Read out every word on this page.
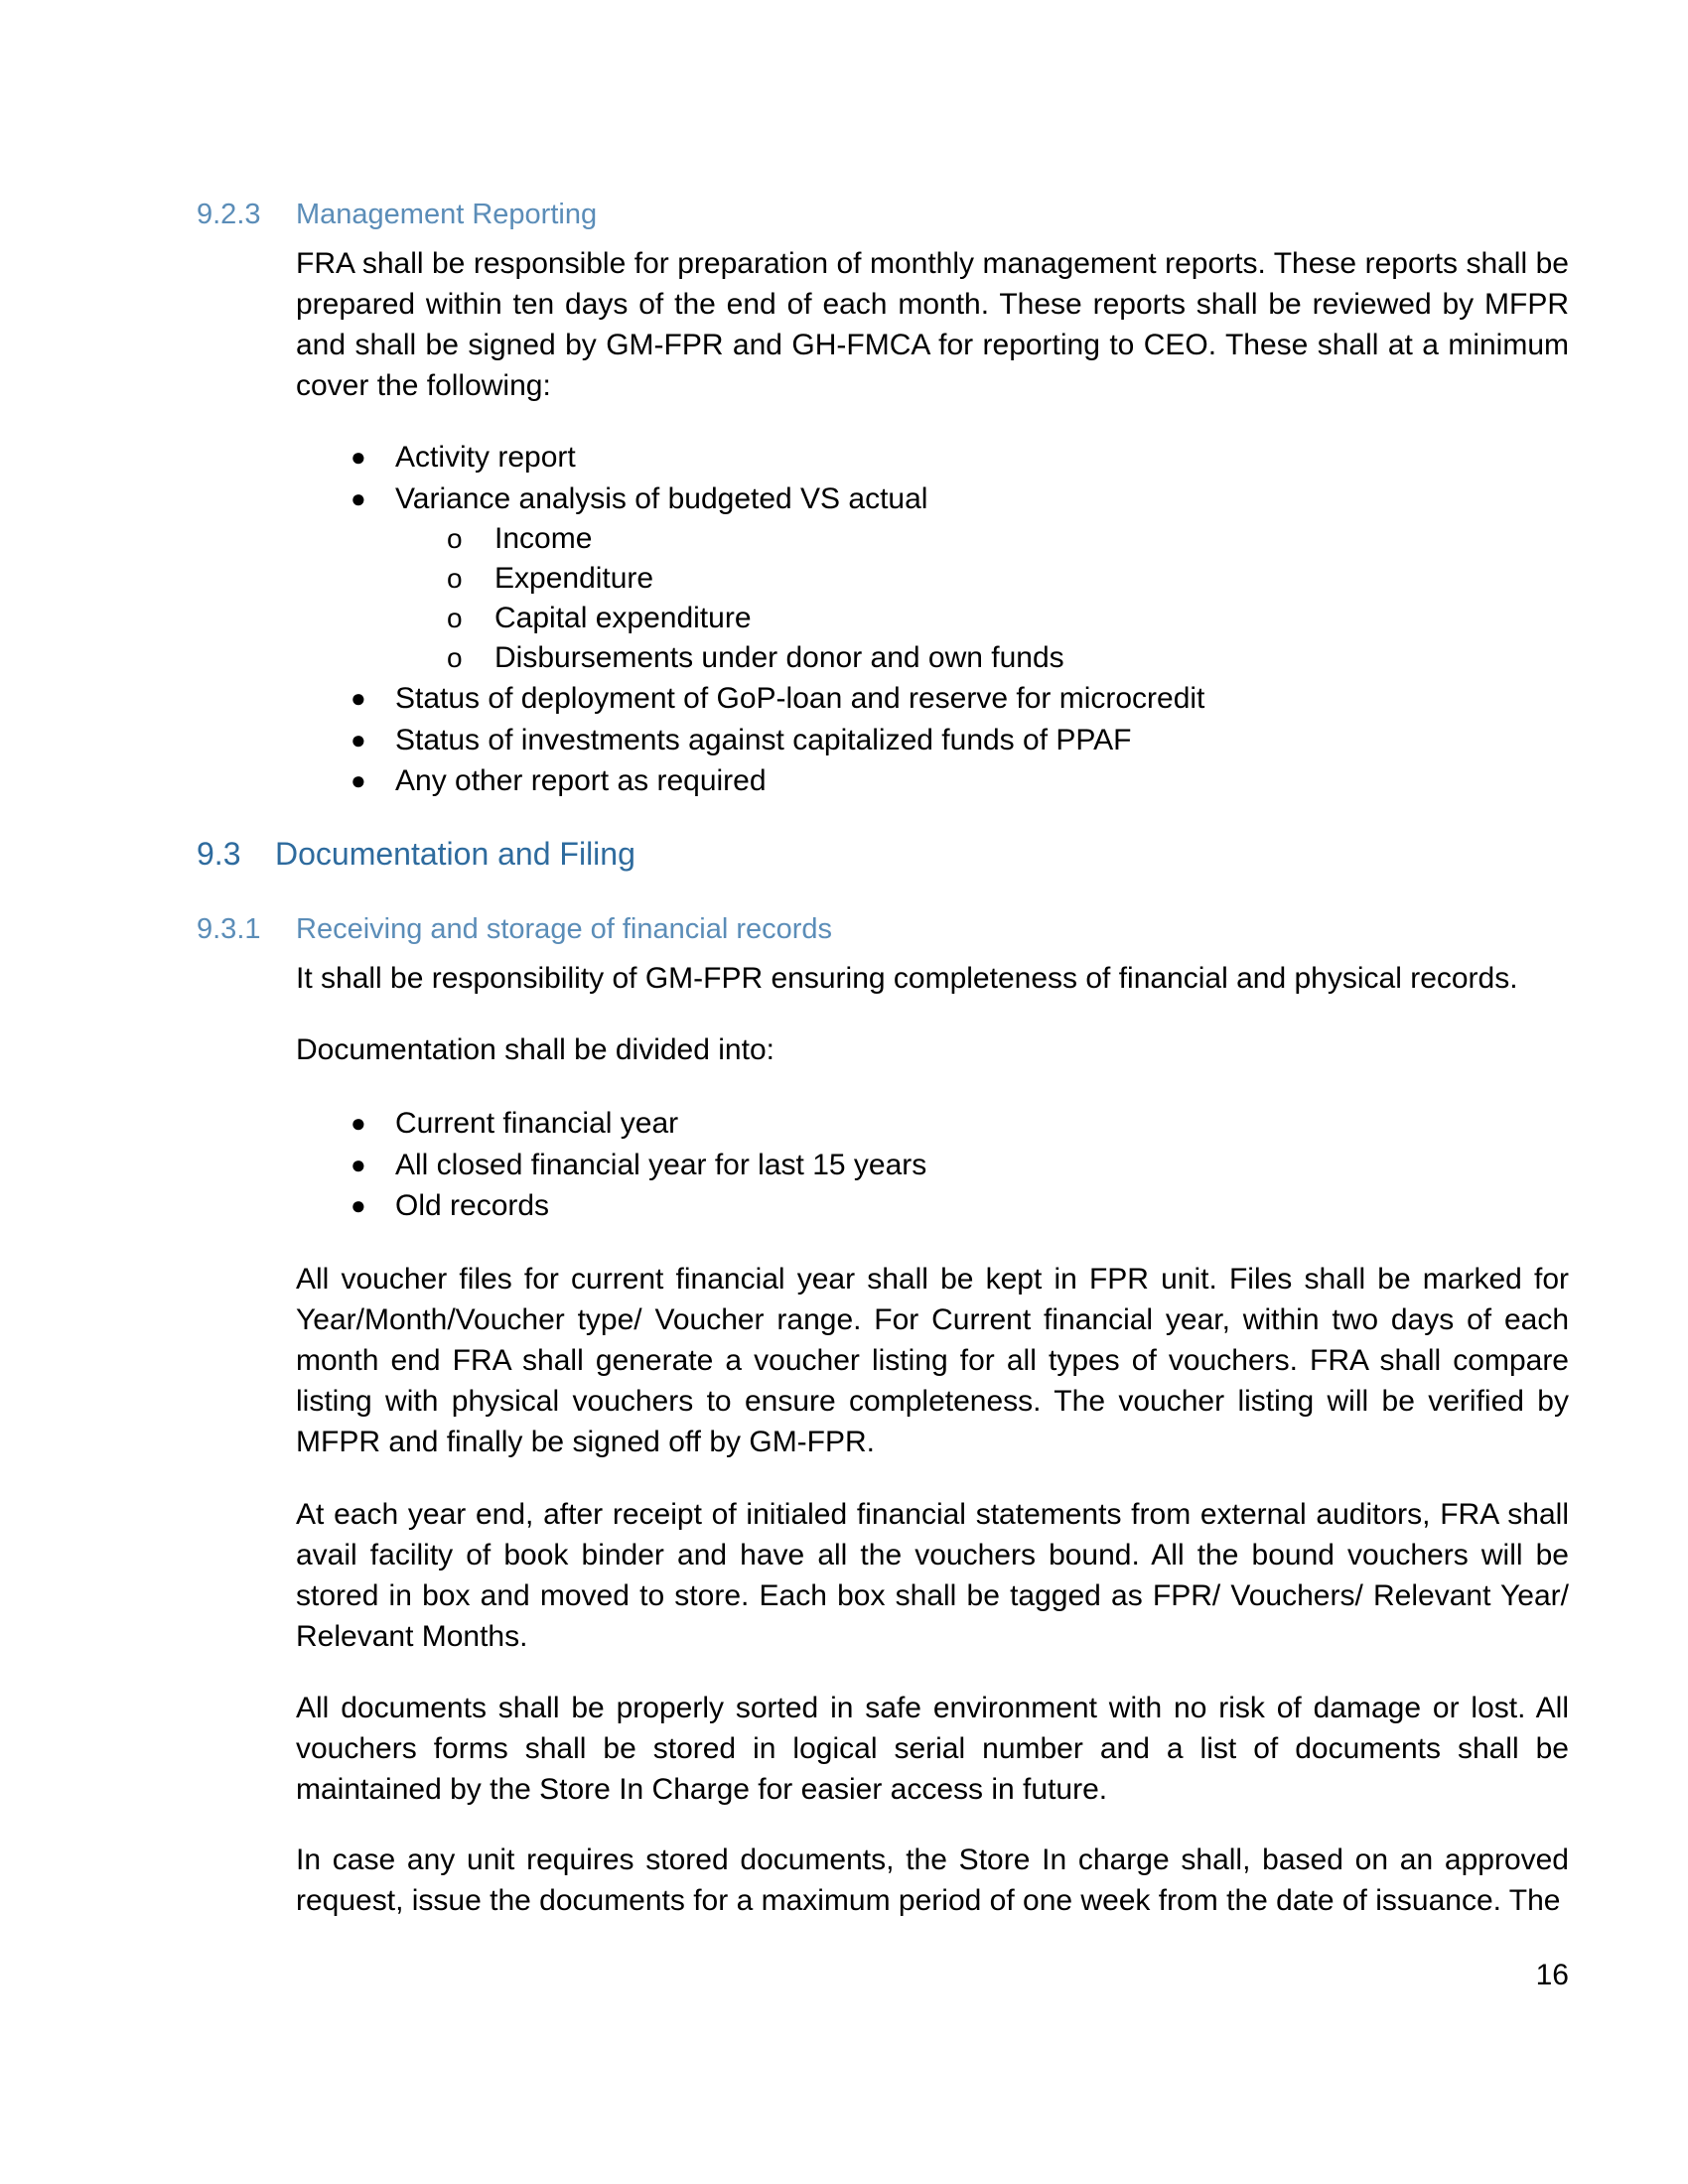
9.2.3 Management Reporting

FRA shall be responsible for preparation of monthly management reports. These reports shall be prepared within ten days of the end of each month. These reports shall be reviewed by MFPR and shall be signed by GM-FPR and GH-FMCA for reporting to CEO. These shall at a minimum cover the following:

● Activity report
● Variance analysis of budgeted VS actual
o Income
o Expenditure
o Capital expenditure
o Disbursements under donor and own funds
● Status of deployment of GoP-loan and reserve for microcredit
● Status of investments against capitalized funds of PPAF
● Any other report as required
9.3 Documentation and Filing
9.3.1 Receiving and storage of financial records

It shall be responsibility of GM-FPR ensuring completeness of financial and physical records.

Documentation shall be divided into:

● Current financial year
● All closed financial year for last 15 years
● Old records

All voucher files for current financial year shall be kept in FPR unit. Files shall be marked for Year/Month/Voucher type/ Voucher range. For Current financial year, within two days of each month end FRA shall generate a voucher listing for all types of vouchers. FRA shall compare listing with physical vouchers to ensure completeness. The voucher listing will be verified by MFPR and finally be signed off by GM-FPR.

At each year end, after receipt of initialed financial statements from external auditors, FRA shall avail facility of book binder and have all the vouchers bound. All the bound vouchers will be stored in box and moved to store. Each box shall be tagged as FPR/ Vouchers/ Relevant Year/ Relevant Months.

All documents shall be properly sorted in safe environment with no risk of damage or lost. All vouchers forms shall be stored in logical serial number and a list of documents shall be maintained by the Store In Charge for easier access in future.

In case any unit requires stored documents, the Store In charge shall, based on an approved request, issue the documents for a maximum period of one week from the date of issuance. The

16
